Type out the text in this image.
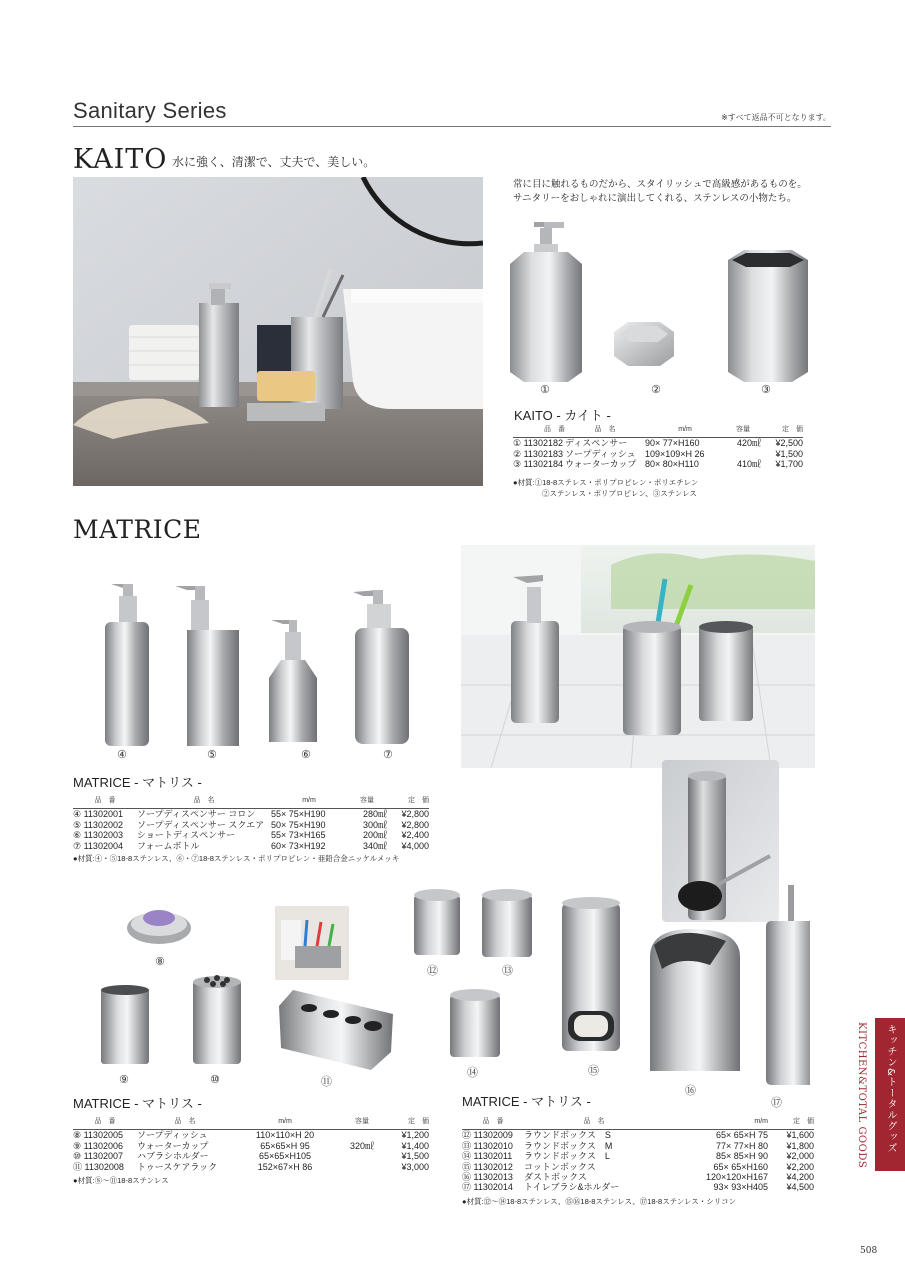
Sanitary Series	※すべて返品不可となります。
KAITO 水に強く、清潔で、丈夫で、美しい。
常に目に触れるものだから、スタイリッシュで高級感があるものを。
サニタリーをおしゃれに演出してくれる、ステンレスの小物たち。
①	②	③
KAITO - カイト -
品　番	品　名	m/m	容量	定　価
① 11302182	ディスペンサー	90× 77×H160	420㎖	¥2,500
② 11302183	ソープディッシュ	109×109×H 26		¥1,500
③ 11302184	ウォーターカップ	80× 80×H110	410㎖	¥1,700
●材質:①18-8ステレス・ポリプロピレン・ポリエチレン
②ステンレス・ポリプロピレン、③ステンレス
MATRICE
④	⑤	⑥	⑦
MATRICE - マトリス -
品　番	品　名	m/m	容量	定　価
④ 11302001	ソープディスペンサー コロン	55× 75×H190	280㎖	¥2,800
⑤ 11302002	ソープディスペンサー スクエア	50× 75×H190	300㎖	¥2,800
⑥ 11302003	ショートディスペンサー	55× 73×H165	200㎖	¥2,400
⑦ 11302004	フォームボトル	60× 73×H192	340㎖	¥4,000
●材質:④・⑤18-8ステンレス、⑥・⑦18-8ステンレス・ポリプロピレン・亜鉛合金ニッケルメッキ
⑧
⑨	⑩	⑪
MATRICE - マトリス -
品　番	品　名	m/m	容量	定　価
⑧ 11302005	ソープディッシュ	110×110×H 20		¥1,200
⑨ 11302006	ウォーターカップ	65×65×H 95	320㎖	¥1,400
⑩ 11302007	ハブラシホルダー	65×65×H105		¥1,500
⑪ 11302008	トゥースケアラック	152×67×H 86		¥3,000
●材質:⑧〜⑪18-8ステンレス
⑫	⑬
⑭	⑮
⑯
⑰
MATRICE - マトリス -
品　番	品　名	m/m	定　価
⑫ 11302009	ラウンドボックス　S	65× 65×H 75	¥1,600
⑬ 11302010	ラウンドボックス　M	77× 77×H 80	¥1,800
⑭ 11302011	ラウンドボックス　L	85× 85×H 90	¥2,000
⑮ 11302012	コットンボックス	65× 65×H160	¥2,200
⑯ 11302013	ダストボックス	120×120×H167	¥4,200
⑰ 11302014	トイレブラシ&ホルダー	93× 93×H405	¥4,500
●材質:⑫〜⑭18-8ステンレス、⑮⑯18-8ステンレス、⑰18-8ステンレス・シリコン
キッチン&トータルグッズ
KITCHEN&TOTAL GOODS
508
